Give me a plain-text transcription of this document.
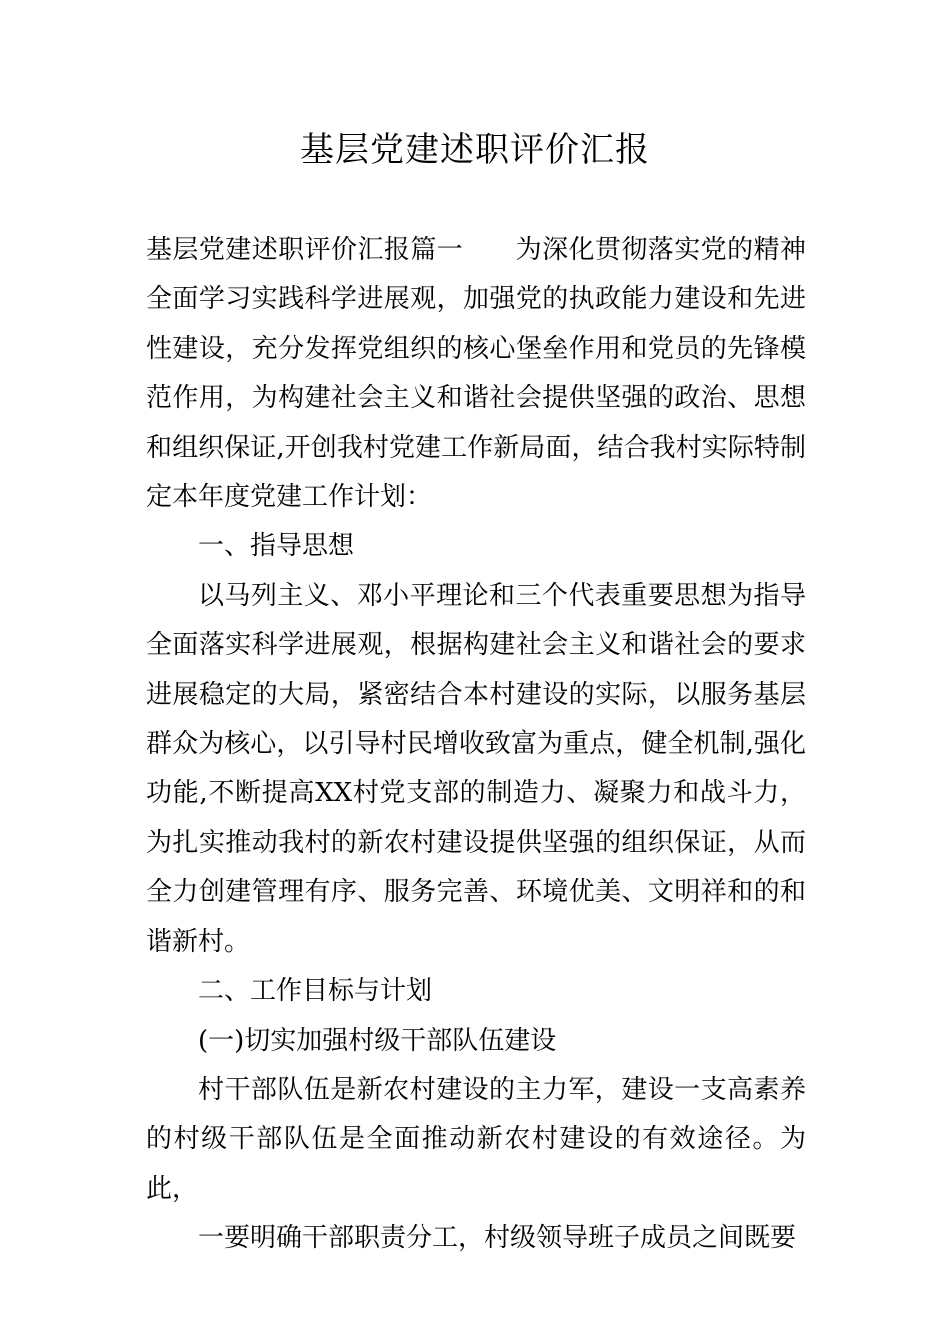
基层党建述职评价汇报

基层党建述职评价汇报篇一 为深化贯彻落实党的精神全面学习实践科学进展观，加强党的执政能力建设和先进性建设，充分发挥党组织的核心堡垒作用和党员的先锋模范作用，为构建社会主义和谐社会提供坚强的政治、思想和组织保证,开创我村党建工作新局面，结合我村实际特制定本年度党建工作计划：

一、指导思想

以马列主义、邓小平理论和三个代表重要思想为指导全面落实科学进展观，根据构建社会主义和谐社会的要求进展稳定的大局，紧密结合本村建设的实际，以服务基层群众为核心，以引导村民增收致富为重点，健全机制,强化功能,不断提高XX村党支部的制造力、凝聚力和战斗力，为扎实推动我村的新农村建设提供坚强的组织保证，从而全力创建管理有序、服务完善、环境优美、文明祥和的和谐新村。

二、工作目标与计划

(一)切实加强村级干部队伍建设

村干部队伍是新农村建设的主力军，建设一支高素养的村级干部队伍是全面推动新农村建设的有效途径。为此，

一要明确干部职责分工，村级领导班子成员之间既要
